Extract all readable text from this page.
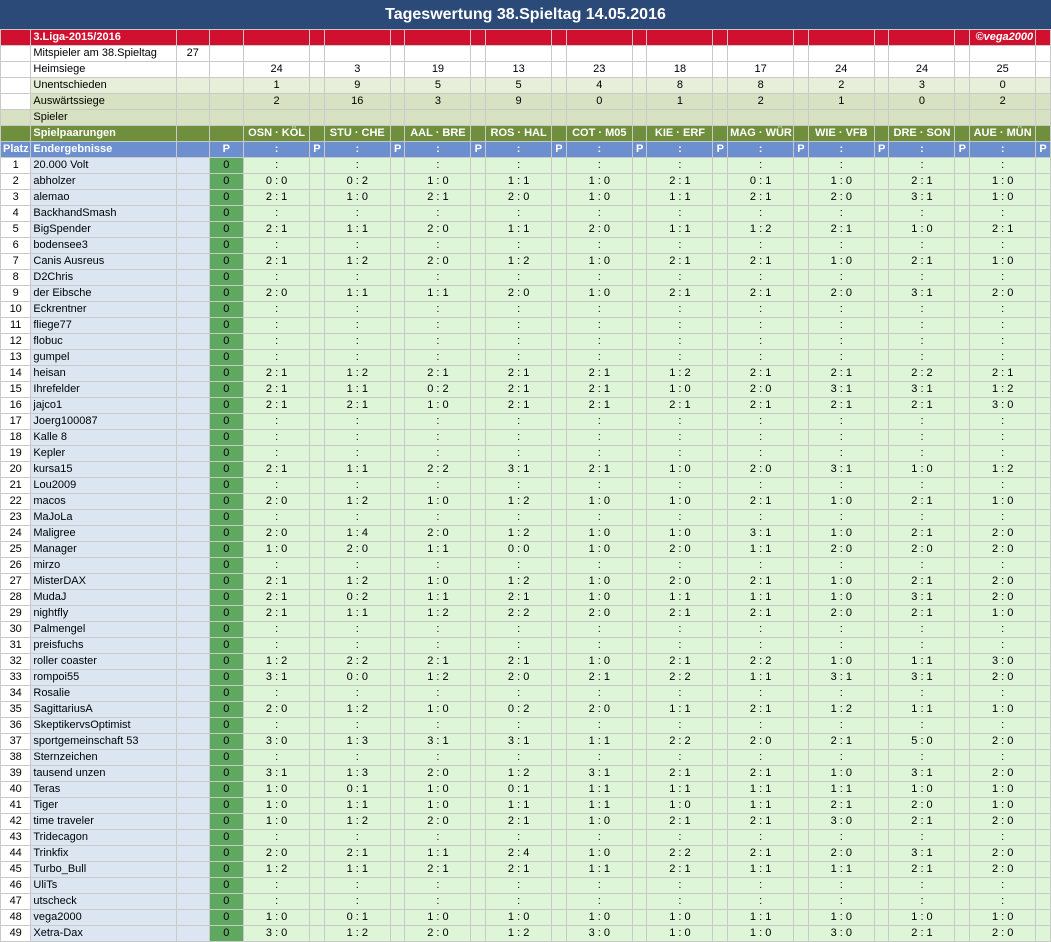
Tageswertung 38.Spieltag 14.05.2016
	3.Liga-2015/2016																					©vega2000	
	Mitspieler am 38.Spieltag	27																					
	Heimsiege			24		3		19		13		23		18		17		24		24		25	
	Unentschieden			1		9		5		5		4		8		8		2		3		0	
	Auswärtssiege			2		16		3		9		0		1		2		1		0		2	
	Spieler																						
	Spielpaarungen			OSN · KÖL		STU · CHE		AAL · BRE		ROS · HAL		COT · M05		KIE · ERF		MAG · WÜR		WIE · VFB		DRE · SON		AUE · MÜN	
Platz	Endergebnisse		P	:	P	:	P	:	P	:	P	:	P	:	P	:	P	:	P	:	P	:	P
1	20.000 Volt		0	:		:		:		:		:		:		:		:		:		:	
2	abholzer		0	0 : 0		0 : 2		1 : 0		1 : 1		1 : 0		2 : 1		0 : 1		1 : 0		2 : 1		1 : 0	
3	alemao		0	2 : 1		1 : 0		2 : 1		2 : 0		1 : 0		1 : 1		2 : 1		2 : 0		3 : 1		1 : 0	
4	BackhandSmash		0	:		:		:		:		:		:		:		:		:		:	
5	BigSpender		0	2 : 1		1 : 1		2 : 0		1 : 1		2 : 0		1 : 1		1 : 2		2 : 1		1 : 0		2 : 1	
6	bodensee3		0	:		:		:		:		:		:		:		:		:		:	
7	Canis Ausreus		0	2 : 1		1 : 2		2 : 0		1 : 2		1 : 0		2 : 1		2 : 1		1 : 0		2 : 1		1 : 0	
8	D2Chris		0	:		:		:		:		:		:		:		:		:		:	
9	der Eibsche		0	2 : 0		1 : 1		1 : 1		2 : 0		1 : 0		2 : 1		2 : 1		2 : 0		3 : 1		2 : 0	
10	Eckrentner		0	:		:		:		:		:		:		:		:		:		:	
11	fliege77		0	:		:		:		:		:		:		:		:		:		:	
12	flobuc		0	:		:		:		:		:		:		:		:		:		:	
13	gumpel		0	:		:		:		:		:		:		:		:		:		:	
14	heisan		0	2 : 1		1 : 2		2 : 1		2 : 1		2 : 1		1 : 2		2 : 1		2 : 1		2 : 2		2 : 1	
15	Ihrefelder		0	2 : 1		1 : 1		0 : 2		2 : 1		2 : 1		1 : 0		2 : 0		3 : 1		3 : 1		1 : 2	
16	jajco1		0	2 : 1		2 : 1		1 : 0		2 : 1		2 : 1		2 : 1		2 : 1		2 : 1		2 : 1		3 : 0	
17	Joerg100087		0	:		:		:		:		:		:		:		:		:		:	
18	Kalle 8		0	:		:		:		:		:		:		:		:		:		:	
19	Kepler		0	:		:		:		:		:		:		:		:		:		:	
20	kursa15		0	2 : 1		1 : 1		2 : 2		3 : 1		2 : 1		1 : 0		2 : 0		3 : 1		1 : 0		1 : 2	
21	Lou2009		0	:		:		:		:		:		:		:		:		:		:	
22	macos		0	2 : 0		1 : 2		1 : 0		1 : 2		1 : 0		1 : 0		2 : 1		1 : 0		2 : 1		1 : 0	
23	MaJoLa		0	:		:		:		:		:		:		:		:		:		:	
24	Maligree		0	2 : 0		1 : 4		2 : 0		1 : 2		1 : 0		1 : 0		3 : 1		1 : 0		2 : 1		2 : 0	
25	Manager		0	1 : 0		2 : 0		1 : 1		0 : 0		1 : 0		2 : 0		1 : 1		2 : 0		2 : 0		2 : 0	
26	mirzo		0	:		:		:		:		:		:		:		:		:		:	
27	MisterDAX		0	2 : 1		1 : 2		1 : 0		1 : 2		1 : 0		2 : 0		2 : 1		1 : 0		2 : 1		2 : 0	
28	MudaJ		0	2 : 1		0 : 2		1 : 1		2 : 1		1 : 0		1 : 1		1 : 1		1 : 0		3 : 1		2 : 0	
29	nightfly		0	2 : 1		1 : 1		1 : 2		2 : 2		2 : 0		2 : 1		2 : 1		2 : 0		2 : 1		1 : 0	
30	Palmengel		0	:		:		:		:		:		:		:		:		:		:	
31	preisfuchs		0	:		:		:		:		:		:		:		:		:		:	
32	roller coaster		0	1 : 2		2 : 2		2 : 1		2 : 1		1 : 0		2 : 1		2 : 2		1 : 0		1 : 1		3 : 0	
33	rompoi55		0	3 : 1		0 : 0		1 : 2		2 : 0		2 : 1		2 : 2		1 : 1		3 : 1		3 : 1		2 : 0	
34	Rosalie		0	:		:		:		:		:		:		:		:		:		:	
35	SagittariusA		0	2 : 0		1 : 2		1 : 0		0 : 2		2 : 0		1 : 1		2 : 1		1 : 2		1 : 1		1 : 0	
36	SkeptikervsOptimist		0	:		:		:		:		:		:		:		:		:		:	
37	sportgemeinschaft 53		0	3 : 0		1 : 3		3 : 1		3 : 1		1 : 1		2 : 2		2 : 0		2 : 1		5 : 0		2 : 0	
38	Sternzeichen		0	:		:		:		:		:		:		:		:		:		:	
39	tausend unzen		0	3 : 1		1 : 3		2 : 0		1 : 2		3 : 1		2 : 1		2 : 1		1 : 0		3 : 1		2 : 0	
40	Teras		0	1 : 0		0 : 1		1 : 0		0 : 1		1 : 1		1 : 1		1 : 1		1 : 1		1 : 0		1 : 0	
41	Tiger		0	1 : 0		1 : 1		1 : 0		1 : 1		1 : 1		1 : 0		1 : 1		2 : 1		2 : 0		1 : 0	
42	time traveler		0	1 : 0		1 : 2		2 : 0		2 : 1		1 : 0		2 : 1		2 : 1		3 : 0		2 : 1		2 : 0	
43	Tridecagon		0	:		:		:		:		:		:		:		:		:		:	
44	Trinkfix		0	2 : 0		2 : 1		1 : 1		2 : 4		1 : 0		2 : 2		2 : 1		2 : 0		3 : 1		2 : 0	
45	Turbo_Bull		0	1 : 2		1 : 1		2 : 1		2 : 1		1 : 1		2 : 1		1 : 1		1 : 1		2 : 1		2 : 0	
46	UliTs		0	:		:		:		:		:		:		:		:		:		:	
47	utscheck		0	:		:		:		:		:		:		:		:		:		:	
48	vega2000		0	1 : 0		0 : 1		1 : 0		1 : 0		1 : 0		1 : 0		1 : 1		1 : 0		1 : 0		1 : 0	
49	Xetra-Dax		0	3 : 0		1 : 2		2 : 0		1 : 2		3 : 0		1 : 0		1 : 0		3 : 0		2 : 1		2 : 0	
